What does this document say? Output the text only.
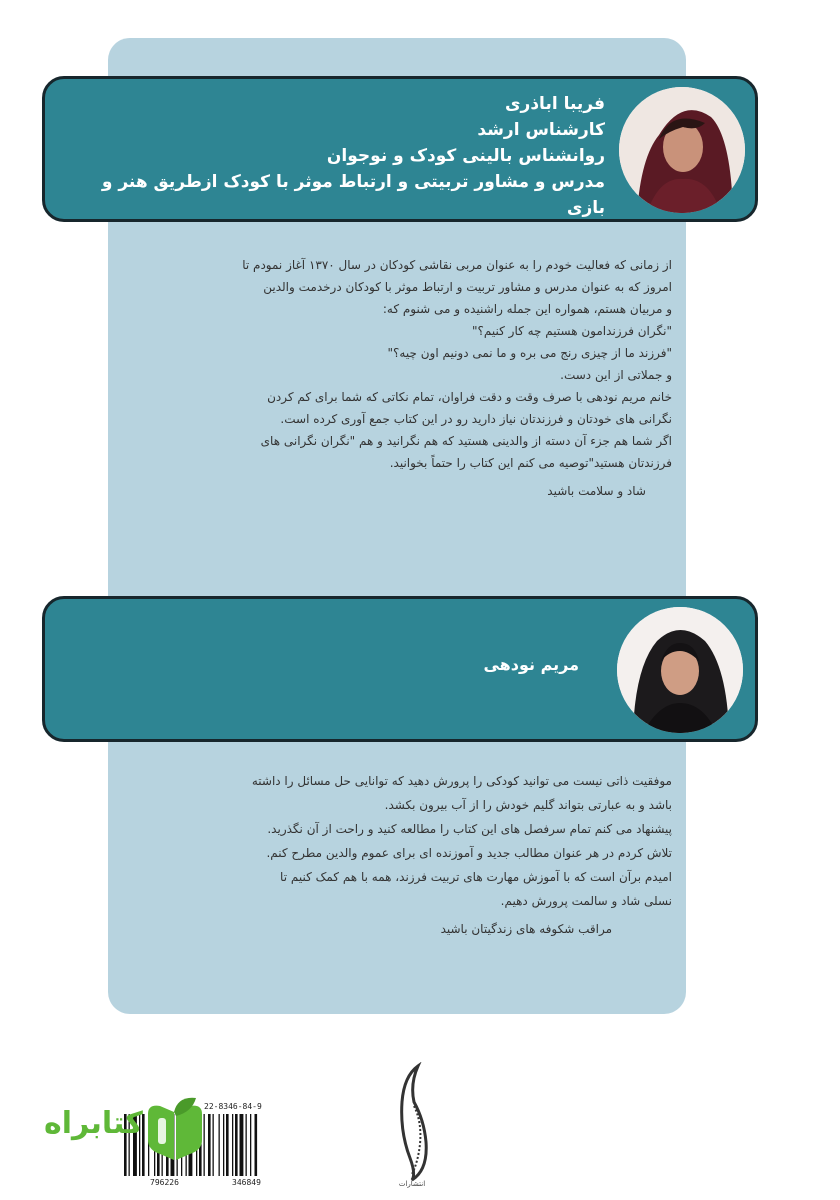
فریبا اباذری
کارشناس ارشد
روانشناس بالینی کودک و نوجوان
مدرس و مشاور تربیتی و ارتباط موثر با کودک ازطریق هنر و بازی
از زمانی که فعالیت خودم را به عنوان مربی نقاشی کودکان در سال ۱۳۷۰ آغاز نمودم تا
امروز که به عنوان مدرس و مشاور تربیت و ارتباط موثر با کودکان درخدمت والدین
و مربیان هستم، همواره این جمله راشنیده و می شنوم که:
"نگران فرزندامون هستیم چه کار کنیم؟"
"فرزند ما از چیزی رنج می بره و ما نمی دونیم اون چیه؟"
و جملاتی از این دست.
خانم مریم نودهی با صرف وقت و دقت فراوان، تمام نکاتی که شما برای کم کردن
نگرانی های خودتان و فرزندتان نیاز دارید رو در این کتاب جمع آوری کرده است.
اگر شما هم جزء آن دسته از والدینی هستید که هم نگرانید و هم "نگران نگرانی های
فرزندتان هستید"توصیه می کنم این کتاب را حتماً بخوانید.
شاد و سلامت باشید
مریم نودهی
موفقیت ذاتی نیست می توانید کودکی را پرورش دهید که توانایی حل مسائل را داشته
باشد و به عبارتی بتواند گلیم خودش را از آب بیرون بکشد.
پیشنهاد می کنم تمام سرفصل های این کتاب را مطالعه کنید و راحت از آن نگذرید.
تلاش کردم در هر عنوان مطالب جدید و آموزنده ای برای عموم والدین مطرح کنم.
امیدم برآن است که با آموزش مهارت های تربیت فرزند، همه با هم کمک کنیم تا
نسلی شاد و سالمت پرورش دهیم.
مراقب شکوفه های زندگیتان باشید
انتشارات
22-8346-84-9
796226	346849
کتابراه
